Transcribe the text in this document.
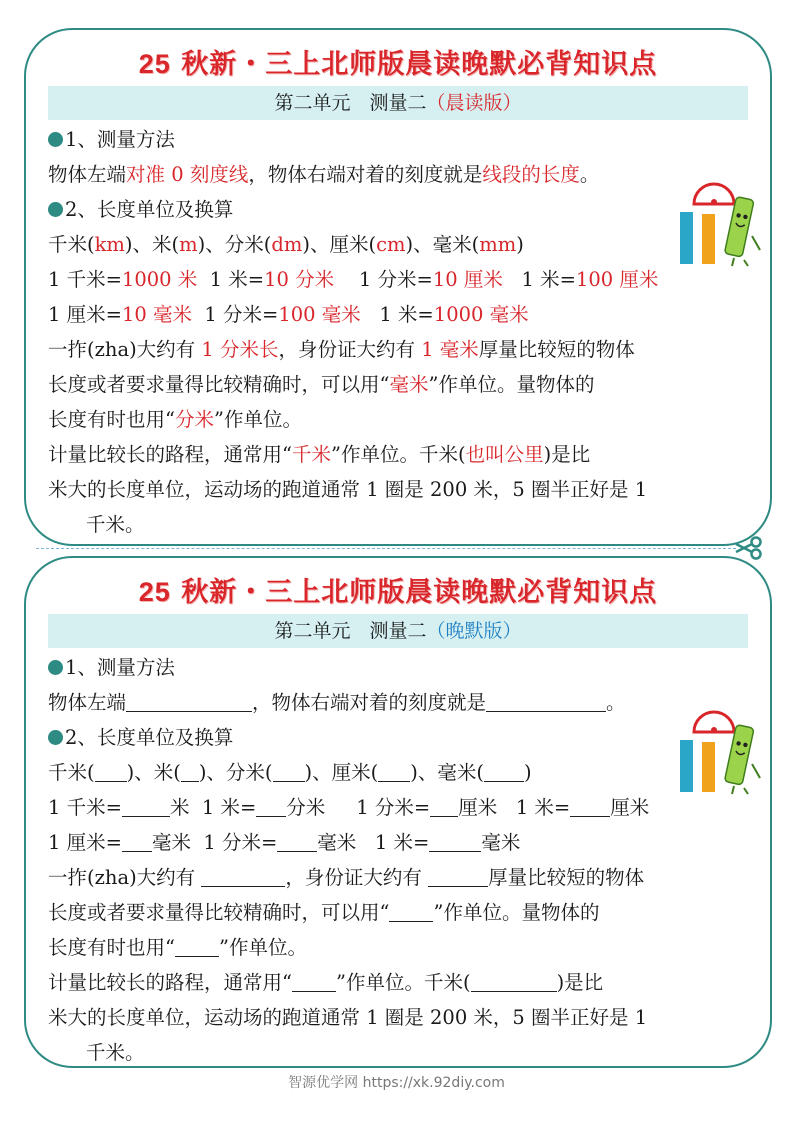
25 秋新・三上北师版晨读晚默必背知识点
第二单元　测量二（晨读版）
1、测量方法
物体左端对准 0 刻度线，物体右端对着的刻度就是线段的长度。
2、长度单位及换算
千米(km)、米(m)、分米(dm)、厘米(cm)、毫米(mm)
1 千米=1000 米  1 米=10 分米    1 分米=10 厘米   1 米=100 厘米
1 厘米=10 毫米  1 分米=100 毫米   1 米=1000 毫米
一拃(zha)大约有 1 分米长，身份证大约有 1 毫米厚量比较短的物体
长度或者要求量得比较精确时，可以用“毫米”作单位。量物体的
长度有时也用“分米”作单位。
计量比较长的路程，通常用“千米”作单位。千米(也叫公里)是比
米大的长度单位，运动场的跑道通常 1 圈是 200 米，5 圈半正好是 1
千米。
25 秋新・三上北师版晨读晚默必背知识点
第二单元　测量二（晚默版）
1、测量方法
物体左端	，物体右端对着的刻度就是	。
2、长度单位及换算
千米( )、米( )、分米( )、厘米( )、毫米( )
1 千米= 米  1 米= 分米     1 分米= 厘米   1 米= 厘米
1 厘米= 毫米  1 分米= 毫米   1 米=	毫米
一拃(zha)大约有	，身份证大约有	厚量比较短的物体
长度或者要求量得比较精确时，可以用“ ”作单位。量物体的
长度有时也用“ ”作单位。
计量比较长的路程，通常用“ ”作单位。千米(	)是比
米大的长度单位，运动场的跑道通常 1 圈是 200 米，5 圈半正好是 1
千米。
智源优学网 https://xk.92diy.com
